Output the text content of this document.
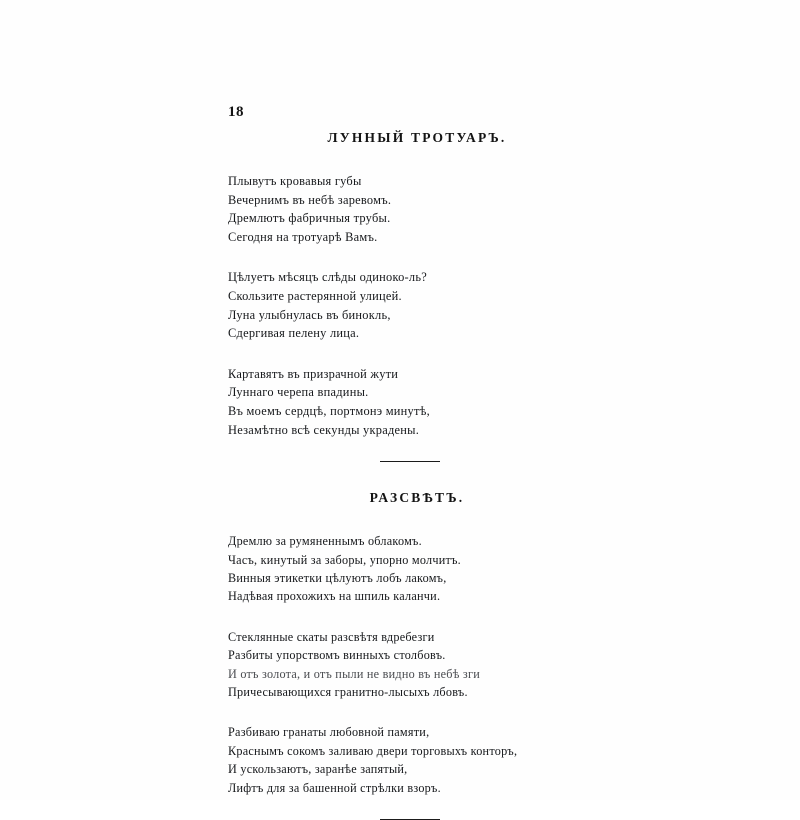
18
ЛУННЫЙ ТРОТУАРЪ.
Плывутъ кровавыя губы
Вечернимъ въ небѣ заревомъ.
Дремлютъ фабричныя трубы.
Сегодня на тротуарѣ Вамъ.
Цѣлуетъ мѣсяцъ слѣды одиноко-ль?
Скользите растерянной улицей.
Луна улыбнулась въ бинокль,
Сдергивая пелену лица.
Картавятъ въ призрачной жути
Луннаго черепа впадины.
Въ моемъ сердцѣ, портмонэ минутѣ,
Незамѣтно всѣ секунды украдены.
РАЗСВѢТЪ.
Дремлю за румяненнымъ облакомъ.
Часъ, кинутый за заборы, упорно молчитъ.
Винныя этикетки цѣлуютъ лобъ лакомъ,
Надѣвая прохожихъ на шпиль каланчи.
Стеклянные скаты разсвѣтя вдребезги
Разбиты упорствомъ винныхъ столбовъ.
И отъ золота, и отъ пыли не видно въ небѣ зги
Причесывающихся гранитно-лысыхъ лбовъ.
Разбиваю гранаты любовной памяти,
Краснымъ сокомъ заливаю двери торговыхъ конторъ,
И ускользаютъ, заранѣе запятый,
Лифтъ для за башенной стрѣлки взоръ.
